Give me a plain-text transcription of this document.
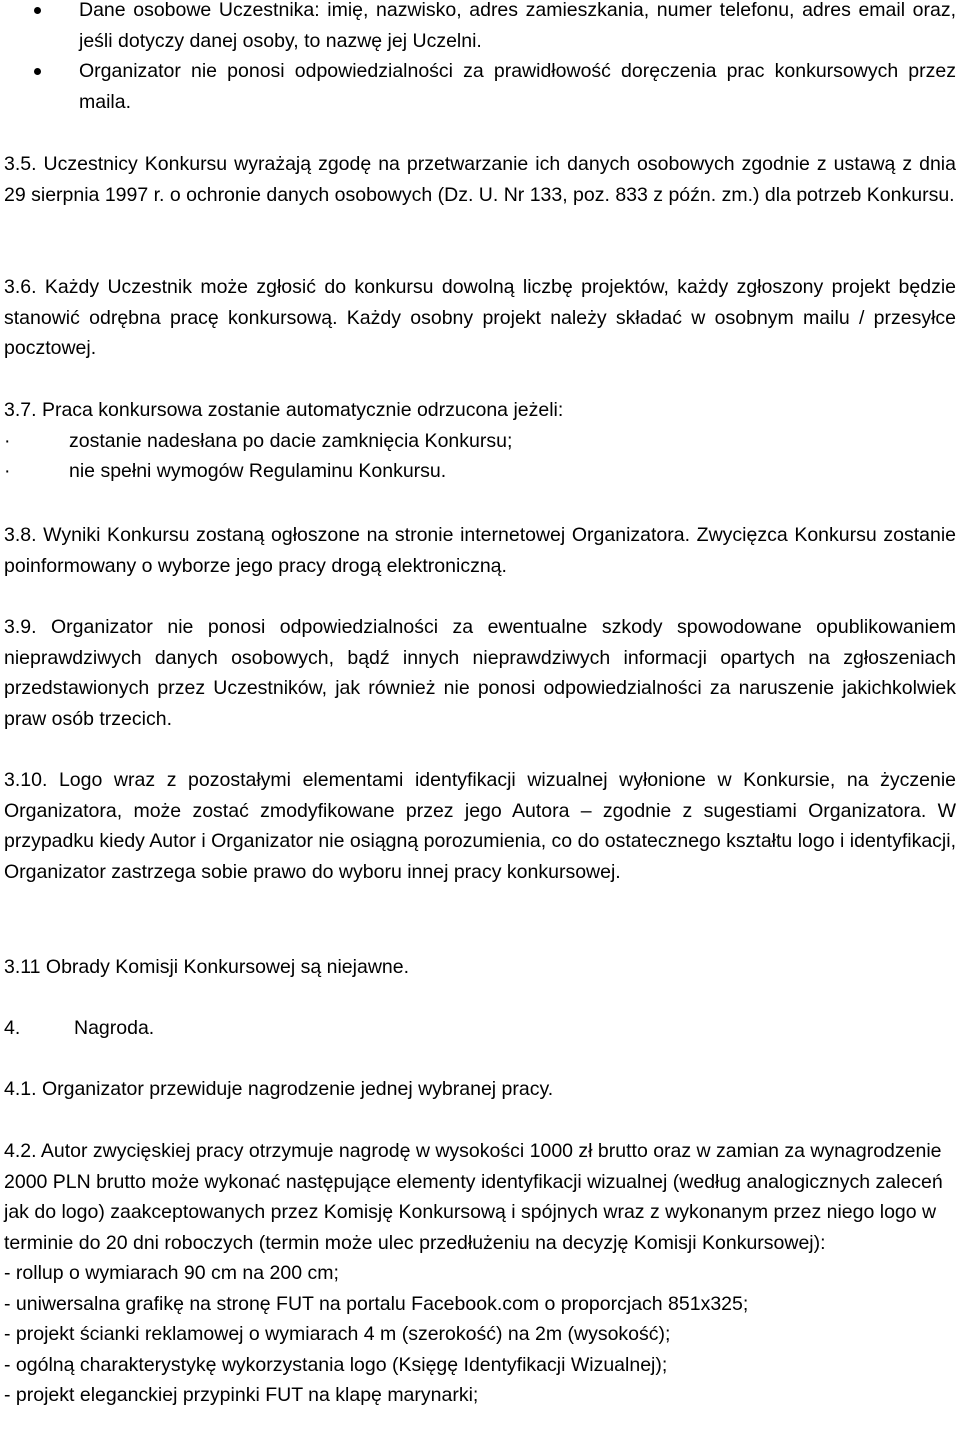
Dane osobowe Uczestnika: imię, nazwisko, adres zamieszkania, numer telefonu, adres email oraz, jeśli dotyczy danej osoby, to nazwę jej Uczelni.
Organizator nie ponosi odpowiedzialności za prawidłowość doręczenia prac konkursowych przez maila.

3.5. Uczestnicy Konkursu wyrażają zgodę na przetwarzanie ich danych osobowych zgodnie z ustawą z dnia 29 sierpnia 1997 r. o ochronie danych osobowych (Dz. U. Nr 133, poz. 833 z późn. zm.) dla potrzeb Konkursu.

3.6. Każdy Uczestnik może zgłosić do konkursu dowolną liczbę projektów, każdy zgłoszony projekt będzie stanowić odrębna pracę konkursową. Każdy osobny projekt należy składać w osobnym mailu / przesyłce pocztowej.

3.7. Praca konkursowa zostanie automatycznie odrzucona jeżeli:
·	zostanie nadesłana po dacie zamknięcia Konkursu;
·	nie spełni wymogów Regulaminu Konkursu.

3.8. Wyniki Konkursu zostaną ogłoszone na stronie internetowej Organizatora. Zwycięzca Konkursu zostanie poinformowany o wyborze jego pracy drogą elektroniczną.

3.9. Organizator nie ponosi odpowiedzialności za ewentualne szkody spowodowane opublikowaniem nieprawdziwych danych osobowych, bądź innych nieprawdziwych informacji opartych na zgłoszeniach przedstawionych przez Uczestników, jak również nie ponosi odpowiedzialności za naruszenie jakichkolwiek praw osób trzecich.

3.10. Logo wraz z pozostałymi elementami identyfikacji wizualnej wyłonione w Konkursie, na życzenie Organizatora, może zostać zmodyfikowane przez jego Autora – zgodnie z sugestiami Organizatora. W przypadku kiedy Autor i Organizator nie osiągną porozumienia, co do ostatecznego kształtu logo i identyfikacji, Organizator zastrzega sobie prawo do wyboru innej pracy konkursowej.

3.11 Obrady Komisji Konkursowej są niejawne.

4.	Nagroda.

4.1. Organizator przewiduje nagrodzenie jednej wybranej pracy.

4.2. Autor zwycięskiej pracy otrzymuje nagrodę w wysokości 1000 zł brutto oraz w zamian za wynagrodzenie 2000 PLN brutto może wykonać następujące elementy identyfikacji wizualnej (według analogicznych zaleceń jak do logo) zaakceptowanych przez Komisję Konkursową i spójnych wraz z wykonanym przez niego logo w terminie do 20 dni roboczych (termin może ulec przedłużeniu na decyzję Komisji Konkursowej):
- rollup o wymiarach 90 cm na 200 cm;
- uniwersalna grafikę na stronę FUT na portalu Facebook.com o proporcjach 851x325;
- projekt ścianki reklamowej o wymiarach 4 m (szerokość) na 2m (wysokość);
- ogólną charakterystykę wykorzystania logo (Księgę Identyfikacji Wizualnej);
- projekt eleganckiej przypinki FUT na klapę marynarki;
